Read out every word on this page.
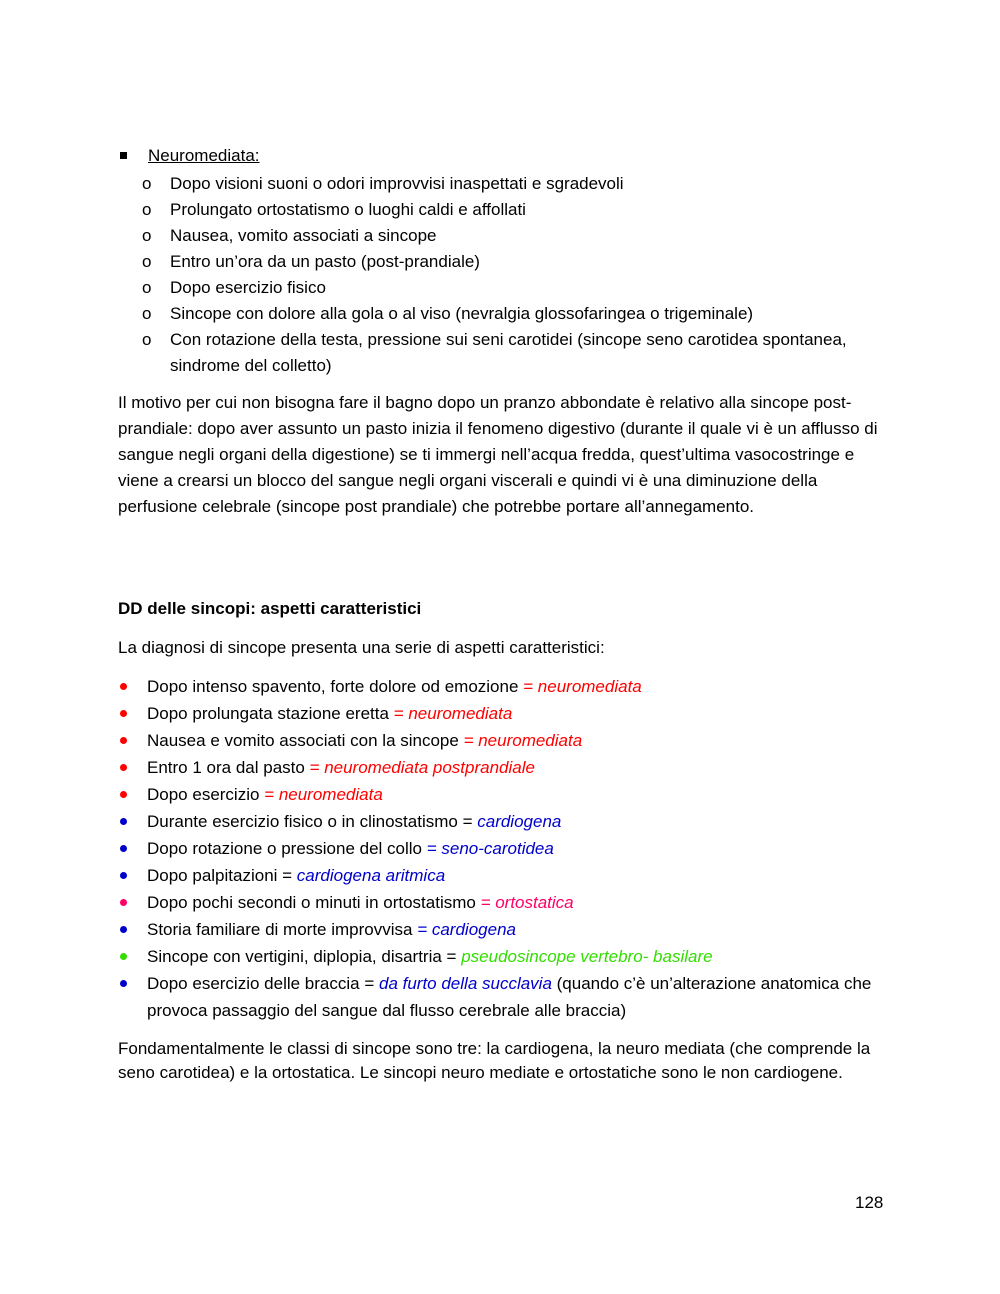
Neuromediata:
o Dopo visioni suoni o odori improvvisi inaspettati e sgradevoli
o Prolungato ortostatismo o luoghi caldi e affollati
o Nausea, vomito associati a sincope
o Entro un’ora da un pasto (post-prandiale)
o Dopo esercizio fisico
o Sincope con dolore alla gola o al viso (nevralgia glossofaringea o trigeminale)
o Con rotazione della testa, pressione sui seni carotidei (sincope seno carotidea spontanea, sindrome del colletto)

Il motivo per cui non bisogna fare il bagno dopo un pranzo abbondate è relativo alla sincope post-prandiale: dopo aver assunto un pasto inizia il fenomeno digestivo (durante il quale vi è un afflusso di sangue negli organi della digestione) se ti immergi nell’acqua fredda, quest’ultima vasocostringe e viene a crearsi un blocco del sangue negli organi viscerali e quindi vi è una diminuzione della perfusione celebrale (sincope post prandiale) che potrebbe portare all’annegamento.

DD delle sincopi: aspetti caratteristici

La diagnosi di sincope presenta una serie di aspetti caratteristici:

Dopo intenso spavento, forte dolore od emozione = neuromediata
Dopo prolungata stazione eretta = neuromediata
Nausea e vomito associati con la sincope = neuromediata
Entro 1 ora dal pasto = neuromediata postprandiale
Dopo esercizio = neuromediata
Durante esercizio fisico o in clinostatismo = cardiogena
Dopo rotazione o pressione del collo = seno-carotidea
Dopo palpitazioni = cardiogena aritmica
Dopo pochi secondi o minuti in ortostatismo = ortostatica
Storia familiare di morte improvvisa = cardiogena
Sincope con vertigini, diplopia, disartria = pseudosincope vertebro- basilare
Dopo esercizio delle braccia = da furto della succlavia (quando c’è un’alterazione anatomica che provoca passaggio del sangue dal flusso cerebrale alle braccia)

Fondamentalmente le classi di sincope sono tre: la cardiogena, la neuro mediata (che comprende la seno carotidea) e la ortostatica. Le sincopi neuro mediate e ortostatiche sono le non cardiogene.

128
